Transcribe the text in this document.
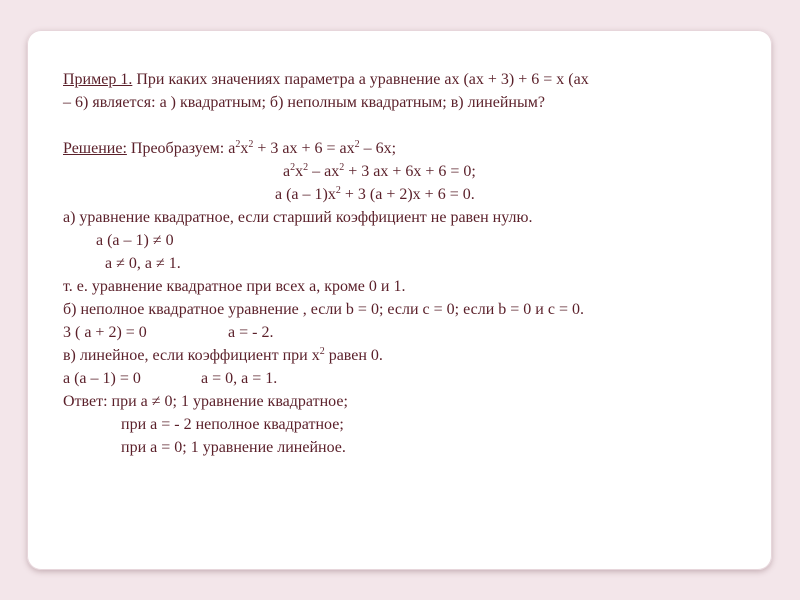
Пример 1. При каких значениях параметра а уравнение ах (ах + 3) + 6 = х (ах
– 6) является: а ) квадратным; б) неполным квадратным; в) линейным?
Решение: Преобразуем: $a^2x^2 + 3$ ax + $6 = ax^2 - 6x$;
$a^2x^2 - ax^2 + 3$ ax + 6x + 6 = 0;
a $(a - 1)x^2 + 3$ (a + 2)x + 6 = 0.
а) уравнение квадратное, если старший коэффициент не равен нулю.
a (a – 1) ≠ 0
a ≠ 0, a ≠ 1.
т. е. уравнение квадратное при всех а, кроме 0 и 1.
б) неполное квадратное уравнение , если b = 0; если c = 0; если b = 0 и c = 0.
3 ( a + 2) = 0	a = - 2.
в) линейное, если коэффициент при $x^2$ равен 0.
a (a – 1) = 0	a = 0, a = 1.
Ответ: при a ≠ 0; 1 уравнение квадратное;
при a = - 2 неполное квадратное;
при a = 0; 1 уравнение линейное.
